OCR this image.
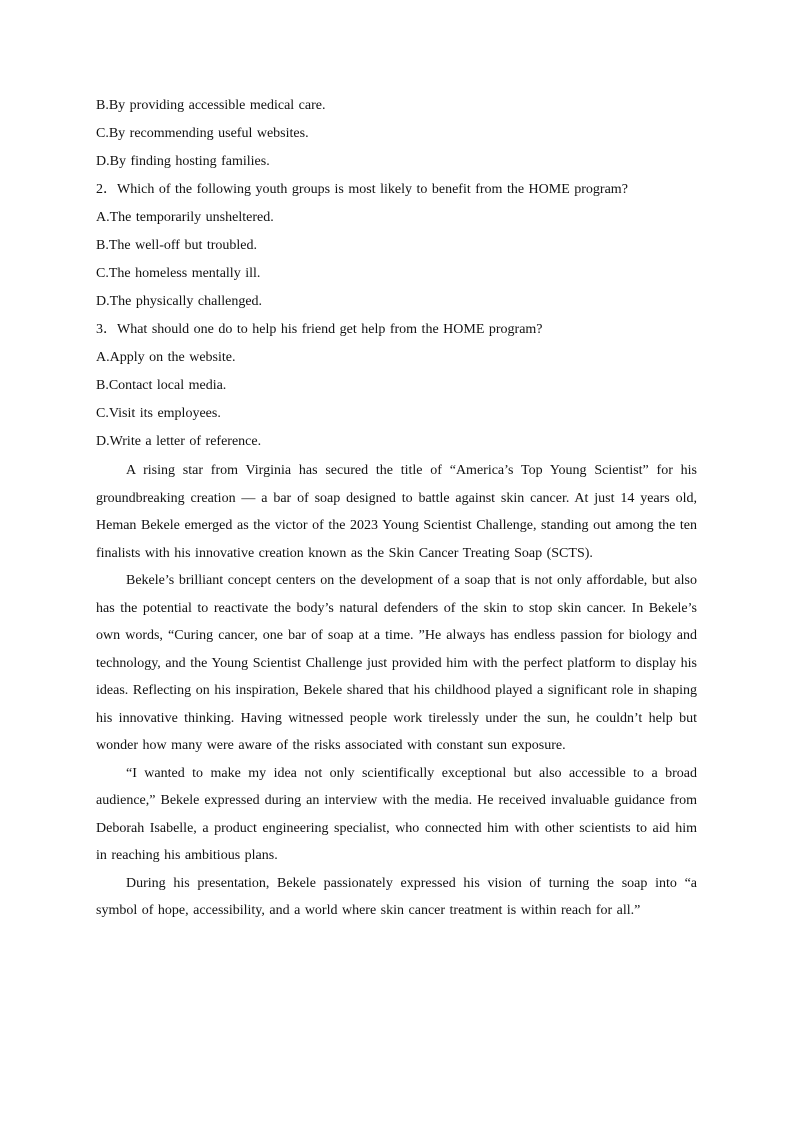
B.By providing accessible medical care.
C.By recommending useful websites.
D.By finding hosting families.
2．Which of the following youth groups is most likely to benefit from the HOME program?
A.The temporarily unsheltered.
B.The well-off but troubled.
C.The homeless mentally ill.
D.The physically challenged.
3．What should one do to help his friend get help from the HOME program?
A.Apply on the website.
B.Contact local media.
C.Visit its employees.
D.Write a letter of reference.

A rising star from Virginia has secured the title of “America’s Top Young Scientist” for his groundbreaking creation — a bar of soap designed to battle against skin cancer. At just 14 years old, Heman Bekele emerged as the victor of the 2023 Young Scientist Challenge, standing out among the ten finalists with his innovative creation known as the Skin Cancer Treating Soap (SCTS).

Bekele’s brilliant concept centers on the development of a soap that is not only affordable, but also has the potential to reactivate the body’s natural defenders of the skin to stop skin cancer. In Bekele’s own words, “Curing cancer, one bar of soap at a time. ”He always has endless passion for biology and technology, and the Young Scientist Challenge just provided him with the perfect platform to display his ideas. Reflecting on his inspiration, Bekele shared that his childhood played a significant role in shaping his innovative thinking. Having witnessed people work tirelessly under the sun, he couldn’t help but wonder how many were aware of the risks associated with constant sun exposure.

“I wanted to make my idea not only scientifically exceptional but also accessible to a broad audience,” Bekele expressed during an interview with the media. He received invaluable guidance from Deborah Isabelle, a product engineering specialist, who connected him with other scientists to aid him in reaching his ambitious plans.

During his presentation, Bekele passionately expressed his vision of turning the soap into “a symbol of hope, accessibility, and a world where skin cancer treatment is within reach for all.”
